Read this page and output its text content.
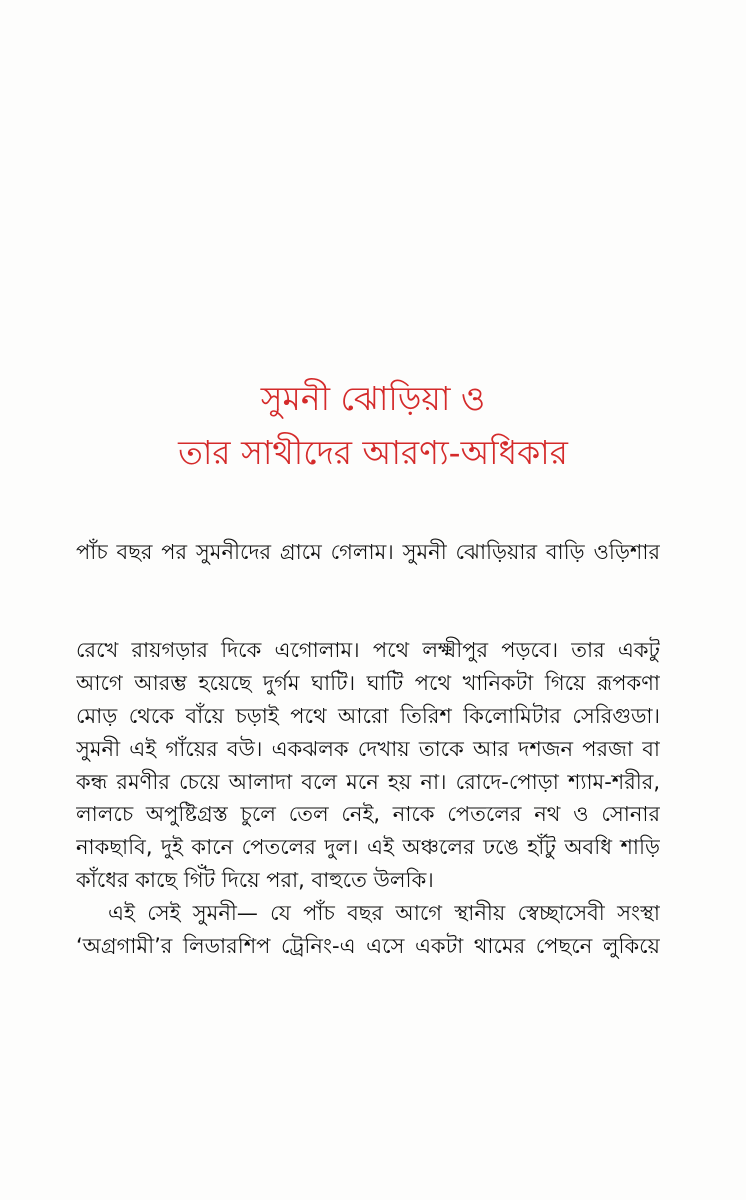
সুমনী ঝোড়িয়া ও
তার সাথীদের আরণ্য-অধিকার
পাঁচ বছর পর সুমনীদের গ্রামে গেলাম। সুমনী ঝোড়িয়ার বাড়ি ওড়িশার
রেখে রায়গড়ার দিকে এগোলাম। পথে লক্ষ্মীপুর পড়বে। তার একটু
আগে আরম্ভ হয়েছে দুর্গম ঘাটি। ঘাটি পথে খানিকটা গিয়ে রূপকণা
মোড় থেকে বাঁয়ে চড়াই পথে আরো তিরিশ কিলোমিটার সেরিগুডা।
সুমনী এই গাঁয়ের বউ। একঝলক দেখায় তাকে আর দশজন পরজা বা
কন্ধ রমণীর চেয়ে আলাদা বলে মনে হয় না। রোদে-পোড়া শ্যাম-শরীর,
লালচে অপুষ্টিগ্রস্ত চুলে তেল নেই, নাকে পেতলের নথ ও সোনার
নাকছাবি, দুই কানে পেতলের দুল। এই অঞ্চলের ঢঙে হাঁটু অবধি শাড়ি
কাঁধের কাছে গিঁট দিয়ে পরা, বাহুতে উলকি।
এই সেই সুমনী— যে পাঁচ বছর আগে স্থানীয় স্বেচ্ছাসেবী সংস্থা
‘অগ্রগামী’র লিডারশিপ ট্রেনিং-এ এসে একটা থামের পেছনে লুকিয়ে
